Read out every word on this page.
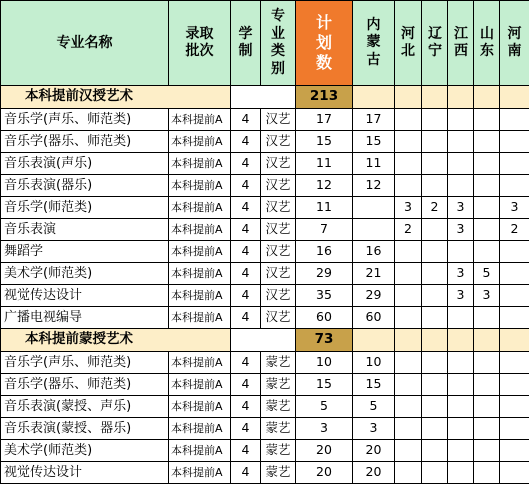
专业名称	录取批次	学制	专业类别	计划数	内蒙古	河北	辽宁	江西	山东	河南
本科提前汉授艺术				213						
音乐学(声乐、师范类)	本科提前A	4	汉艺	17	17					
音乐学(器乐、师范类)	本科提前A	4	汉艺	15	15					
音乐表演(声乐)	本科提前A	4	汉艺	11	11					
音乐表演(器乐)	本科提前A	4	汉艺	12	12					
音乐学(师范类)	本科提前A	4	汉艺	11		3	2	3		3
音乐表演	本科提前A	4	汉艺	7		2		3		2
舞蹈学	本科提前A	4	汉艺	16	16					
美术学(师范类)	本科提前A	4	汉艺	29	21			3	5	
视觉传达设计	本科提前A	4	汉艺	35	29			3	3	
广播电视编导	本科提前A	4	汉艺	60	60					
本科提前蒙授艺术				73						
音乐学(声乐、师范类)	本科提前A	4	蒙艺	10	10					
音乐学(器乐、师范类)	本科提前A	4	蒙艺	15	15					
音乐表演(蒙授、声乐)	本科提前A	4	蒙艺	5	5					
音乐表演(蒙授、器乐)	本科提前A	4	蒙艺	3	3					
美术学(师范类)	本科提前A	4	蒙艺	20	20					
视觉传达设计	本科提前A	4	蒙艺	20	20					
